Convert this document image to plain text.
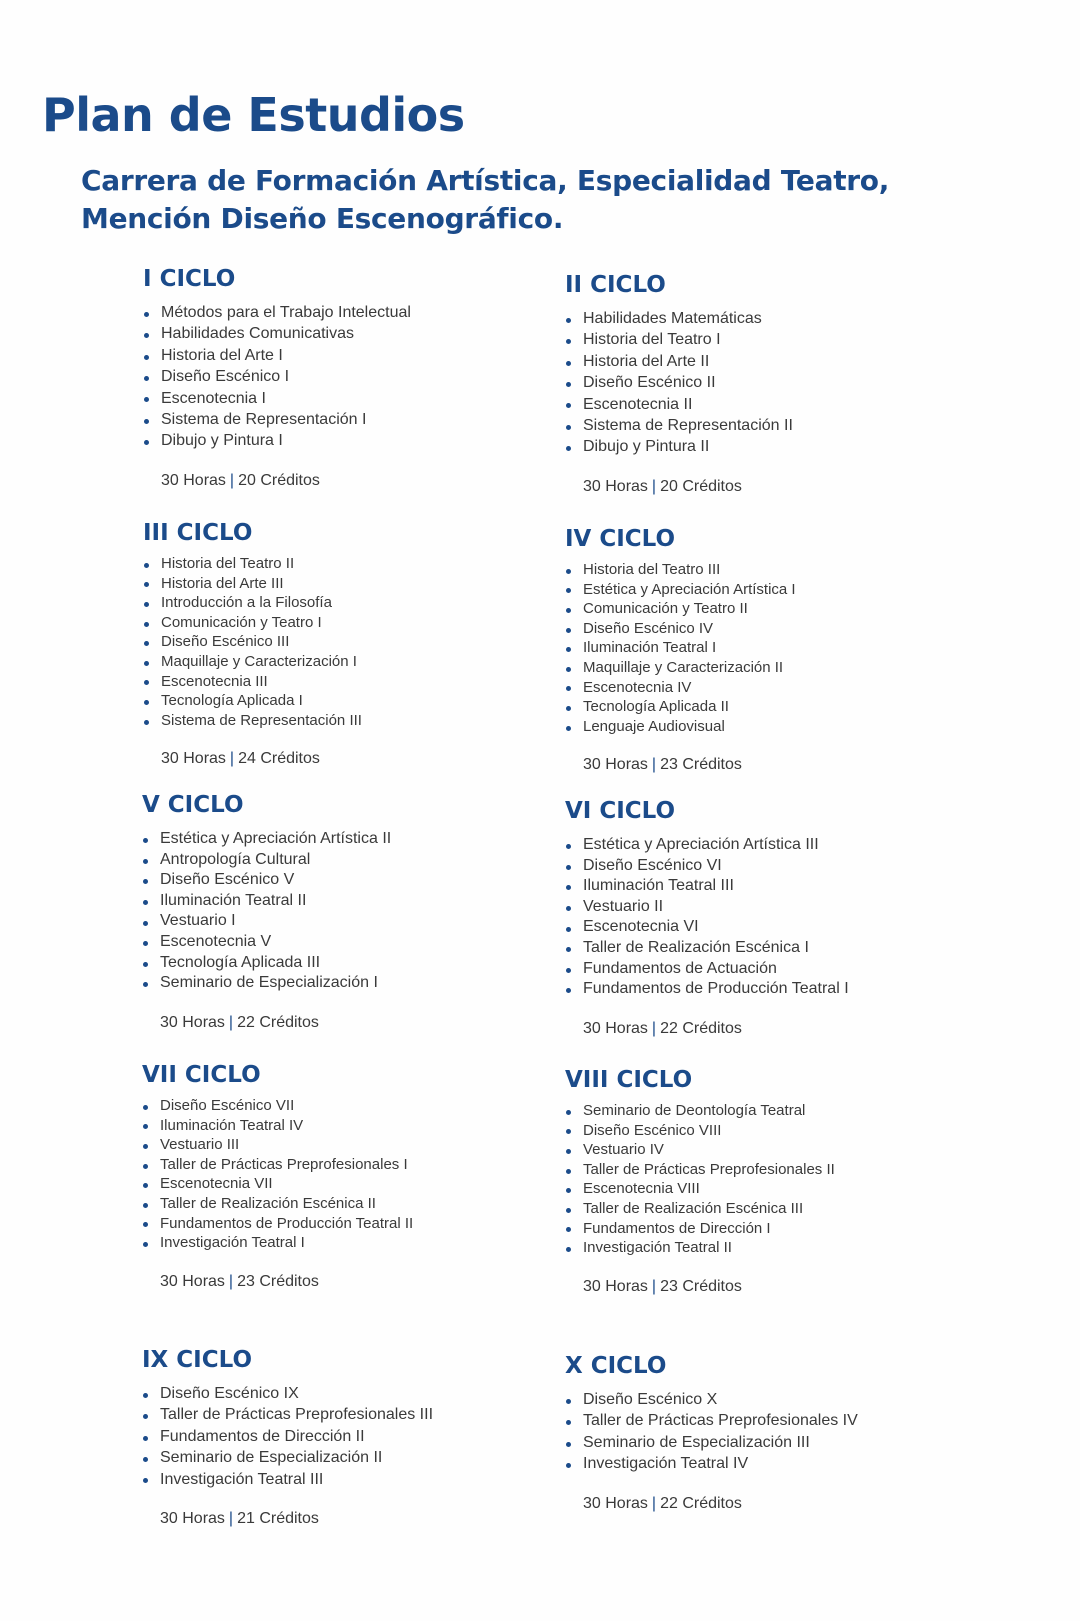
Plan de Estudios

Carrera de Formación Artística, Especialidad Teatro,
Mención Diseño Escenográfico.

I CICLO
Métodos para el Trabajo Intelectual
Habilidades Comunicativas
Historia del Arte I
Diseño Escénico I
Escenotecnia I
Sistema de Representación I
Dibujo y Pintura I
30 Horas | 20 Créditos
II CICLO
Habilidades Matemáticas
Historia del Teatro I
Historia del Arte II
Diseño Escénico II
Escenotecnia II
Sistema de Representación II
Dibujo y Pintura II
30 Horas | 20 Créditos
III CICLO
Historia del Teatro II
Historia del Arte III
Introducción a la Filosofía
Comunicación y Teatro I
Diseño Escénico III
Maquillaje y Caracterización I
Escenotecnia III
Tecnología Aplicada I
Sistema de Representación III
30 Horas | 24 Créditos
IV CICLO
Historia del Teatro III
Estética y Apreciación Artística I
Comunicación y Teatro II
Diseño Escénico IV
Iluminación Teatral I
Maquillaje y Caracterización II
Escenotecnia IV
Tecnología Aplicada II
Lenguaje Audiovisual
30 Horas | 23 Créditos
V CICLO
Estética y Apreciación Artística II
Antropología Cultural
Diseño Escénico V
Iluminación Teatral II
Vestuario I
Escenotecnia V
Tecnología Aplicada III
Seminario de Especialización I
30 Horas | 22 Créditos
VI CICLO
Estética y Apreciación Artística III
Diseño Escénico VI
Iluminación Teatral III
Vestuario II
Escenotecnia VI
Taller de Realización Escénica I
Fundamentos de Actuación
Fundamentos de Producción Teatral I
30 Horas | 22 Créditos
VII CICLO
Diseño Escénico VII
Iluminación Teatral IV
Vestuario III
Taller de Prácticas Preprofesionales I
Escenotecnia VII
Taller de Realización Escénica II
Fundamentos de Producción Teatral II
Investigación Teatral I
30 Horas | 23 Créditos
VIII CICLO
Seminario de Deontología Teatral
Diseño Escénico VIII
Vestuario IV
Taller de Prácticas Preprofesionales II
Escenotecnia VIII
Taller de Realización Escénica III
Fundamentos de Dirección I
Investigación Teatral II
30 Horas | 23 Créditos
IX CICLO
Diseño Escénico IX
Taller de Prácticas Preprofesionales III
Fundamentos de Dirección II
Seminario de Especialización II
Investigación Teatral III
30 Horas | 21 Créditos
X CICLO
Diseño Escénico X
Taller de Prácticas Preprofesionales IV
Seminario de Especialización III
Investigación Teatral IV
30 Horas | 22 Créditos
